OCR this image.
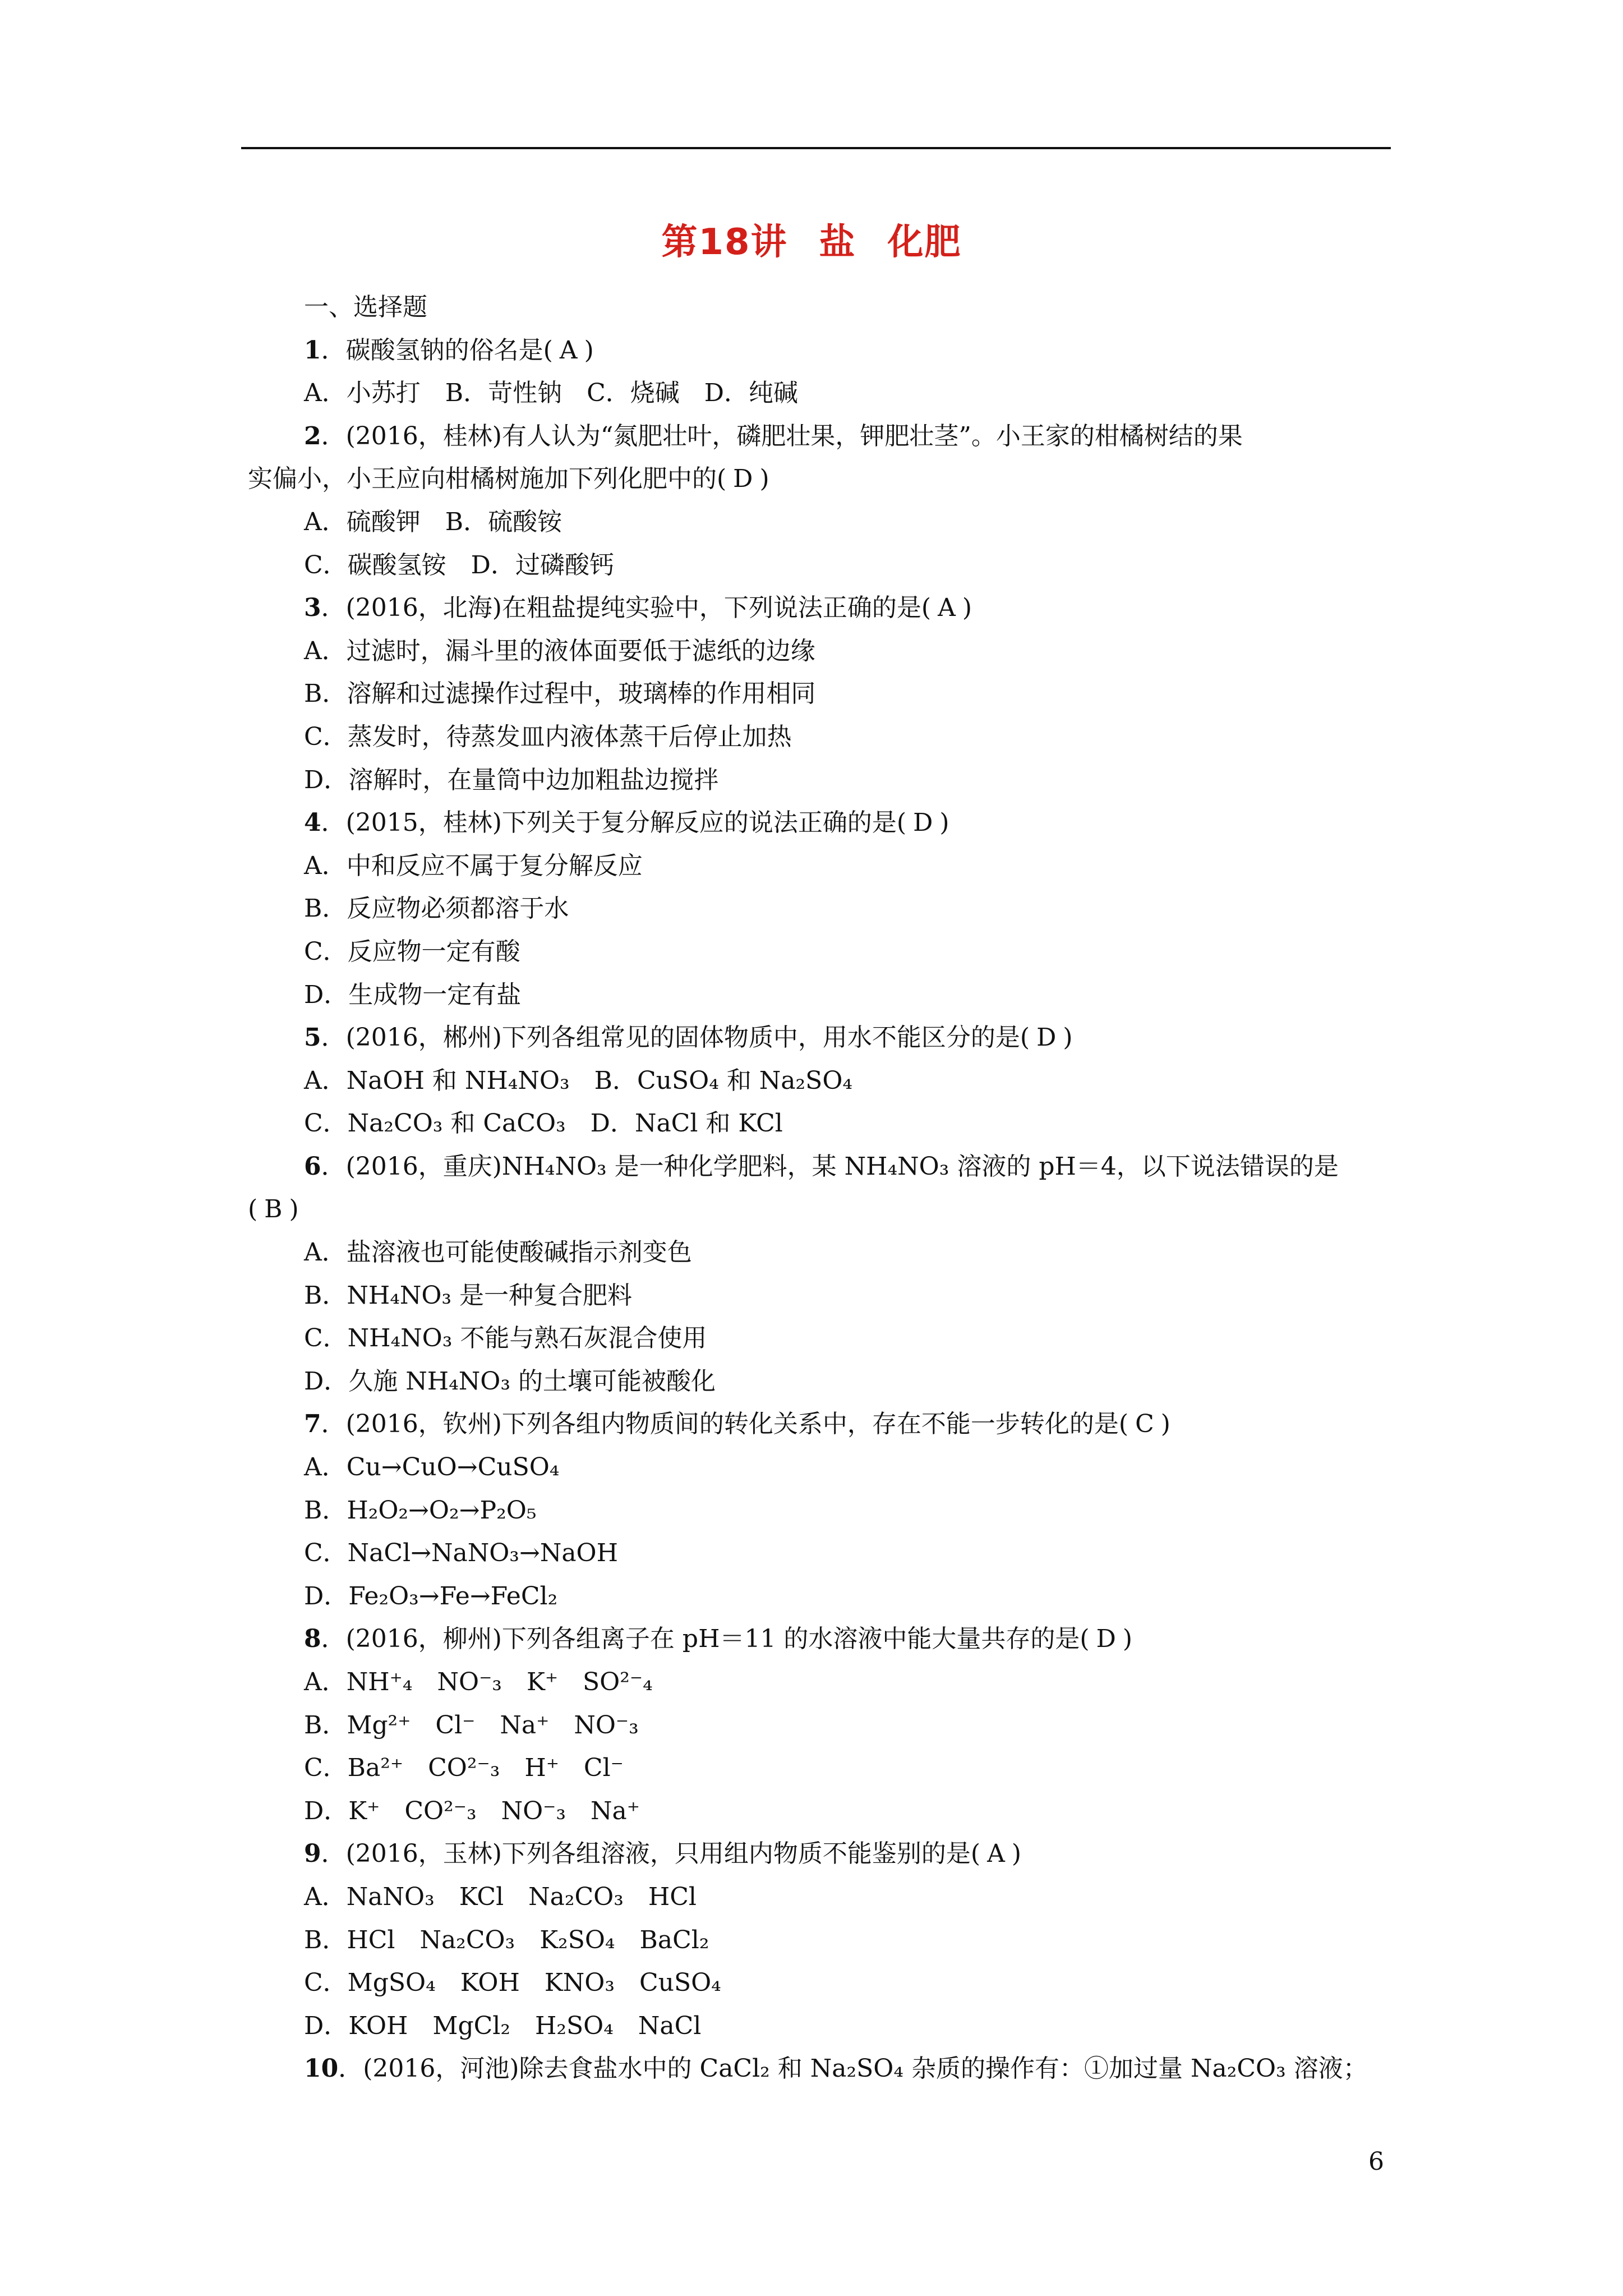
第18讲 盐 化肥
一、选择题
1．碳酸氢钠的俗名是( A )
A．小苏打　B．苛性钠　C．烧碱　D．纯碱
2．(2016，桂林)有人认为“氮肥壮叶，磷肥壮果，钾肥壮茎”。小王家的柑橘树结的果
实偏小，小王应向柑橘树施加下列化肥中的( D )
A．硫酸钾　B．硫酸铵
C．碳酸氢铵　D．过磷酸钙
3．(2016，北海)在粗盐提纯实验中，下列说法正确的是( A )
A．过滤时，漏斗里的液体面要低于滤纸的边缘
B．溶解和过滤操作过程中，玻璃棒的作用相同
C．蒸发时，待蒸发皿内液体蒸干后停止加热
D．溶解时，在量筒中边加粗盐边搅拌
4．(2015，桂林)下列关于复分解反应的说法正确的是( D )
A．中和反应不属于复分解反应
B．反应物必须都溶于水
C．反应物一定有酸
D．生成物一定有盐
5．(2016，郴州)下列各组常见的固体物质中，用水不能区分的是( D )
A．NaOH 和 NH₄NO₃　B．CuSO₄ 和 Na₂SO₄
C．Na₂CO₃ 和 CaCO₃　D．NaCl 和 KCl
6．(2016，重庆)NH₄NO₃ 是一种化学肥料，某 NH₄NO₃ 溶液的 pH＝4，以下说法错误的是
( B )
A．盐溶液也可能使酸碱指示剂变色
B．NH₄NO₃ 是一种复合肥料
C．NH₄NO₃ 不能与熟石灰混合使用
D．久施 NH₄NO₃ 的土壤可能被酸化
7．(2016，钦州)下列各组内物质间的转化关系中，存在不能一步转化的是( C )
A．Cu→CuO→CuSO₄
B．H₂O₂→O₂→P₂O₅
C．NaCl→NaNO₃→NaOH
D．Fe₂O₃→Fe→FeCl₂
8．(2016，柳州)下列各组离子在 pH＝11 的水溶液中能大量共存的是( D )
A．NH⁺₄　NO⁻₃　K⁺　SO²⁻₄
B．Mg²⁺　Cl⁻　Na⁺　NO⁻₃
C．Ba²⁺　CO²⁻₃　H⁺　Cl⁻
D．K⁺　CO²⁻₃　NO⁻₃　Na⁺
9．(2016，玉林)下列各组溶液，只用组内物质不能鉴别的是( A )
A．NaNO₃　KCl　Na₂CO₃　HCl
B．HCl　Na₂CO₃　K₂SO₄　BaCl₂
C．MgSO₄　KOH　KNO₃　CuSO₄
D．KOH　MgCl₂　H₂SO₄　NaCl
10．(2016，河池)除去食盐水中的 CaCl₂ 和 Na₂SO₄ 杂质的操作有：①加过量 Na₂CO₃ 溶液；
6
